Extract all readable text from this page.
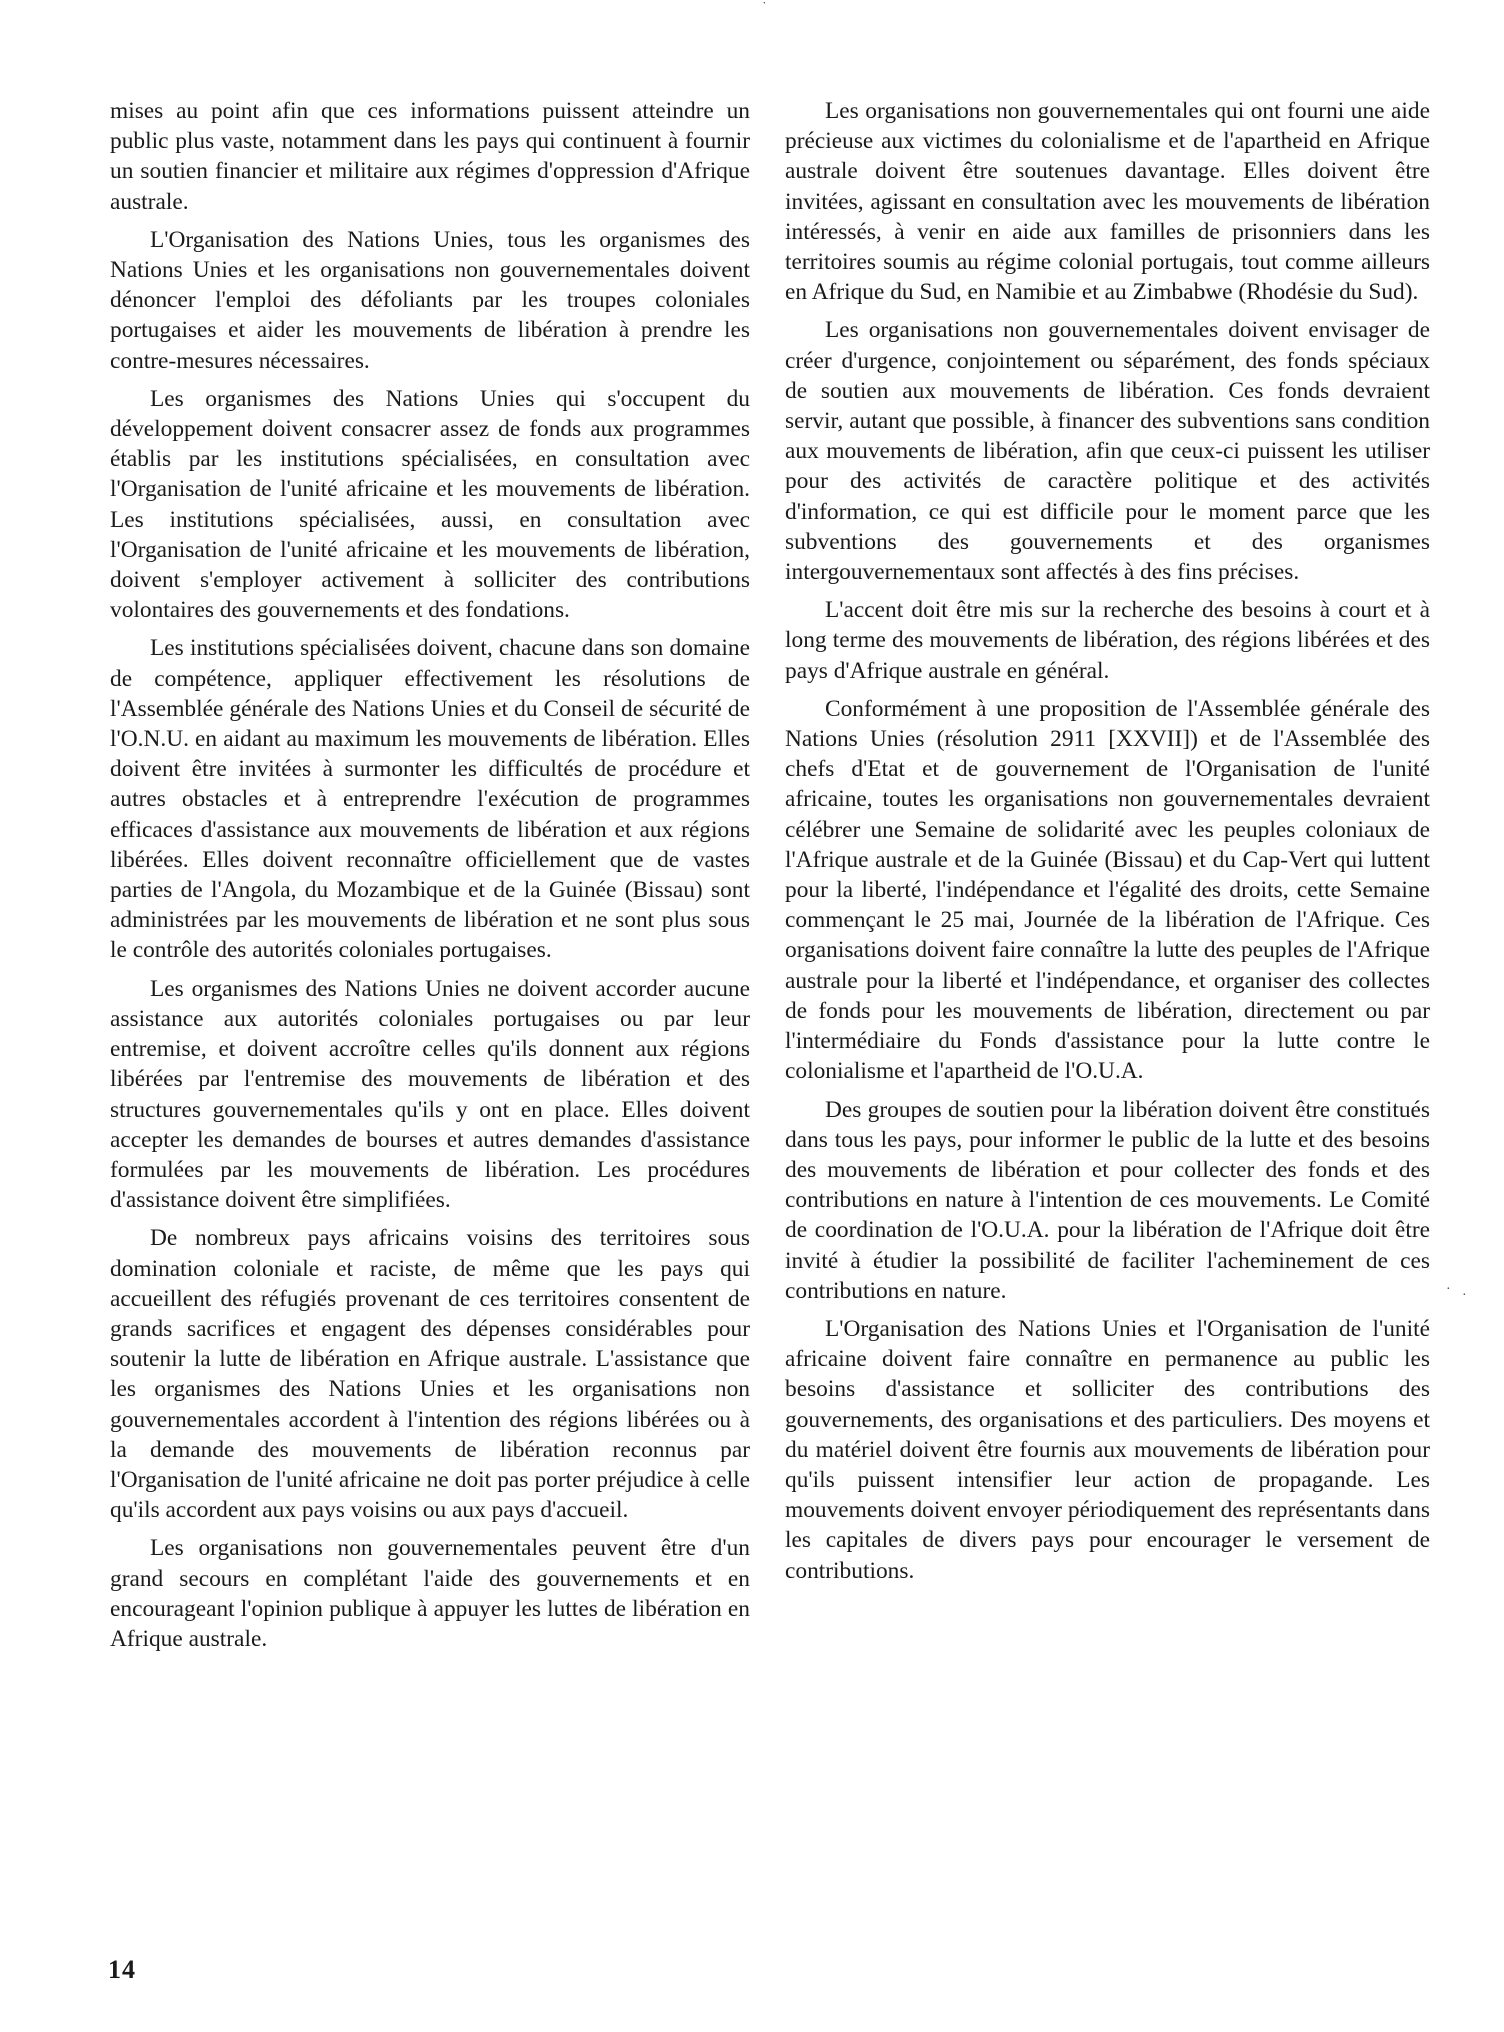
mises au point afin que ces informations puissent atteindre un public plus vaste, notamment dans les pays qui continuent à fournir un soutien financier et militaire aux régimes d'oppression d'Afrique australe.

L'Organisation des Nations Unies, tous les organismes des Nations Unies et les organisations non gouvernementales doivent dénoncer l'emploi des défoliants par les troupes coloniales portugaises et aider les mouvements de libération à prendre les contre-mesures nécessaires.

Les organismes des Nations Unies qui s'occupent du développement doivent consacrer assez de fonds aux programmes établis par les institutions spécialisées, en consultation avec l'Organisation de l'unité africaine et les mouvements de libération. Les institutions spécialisées, aussi, en consultation avec l'Organisation de l'unité africaine et les mouvements de libération, doivent s'employer activement à solliciter des contributions volontaires des gouvernements et des fondations.

Les institutions spécialisées doivent, chacune dans son domaine de compétence, appliquer effectivement les résolutions de l'Assemblée générale des Nations Unies et du Conseil de sécurité de l'O.N.U. en aidant au maximum les mouvements de libération. Elles doivent être invitées à surmonter les difficultés de procédure et autres obstacles et à entreprendre l'exécution de programmes efficaces d'assistance aux mouvements de libération et aux régions libérées. Elles doivent reconnaître officiellement que de vastes parties de l'Angola, du Mozambique et de la Guinée (Bissau) sont administrées par les mouvements de libération et ne sont plus sous le contrôle des autorités coloniales portugaises.

Les organismes des Nations Unies ne doivent accorder aucune assistance aux autorités coloniales portugaises ou par leur entremise, et doivent accroître celles qu'ils donnent aux régions libérées par l'entremise des mouvements de libération et des structures gouvernementales qu'ils y ont en place. Elles doivent accepter les demandes de bourses et autres demandes d'assistance formulées par les mouvements de libération. Les procédures d'assistance doivent être simplifiées.

De nombreux pays africains voisins des territoires sous domination coloniale et raciste, de même que les pays qui accueillent des réfugiés provenant de ces territoires consentent de grands sacrifices et engagent des dépenses considérables pour soutenir la lutte de libération en Afrique australe. L'assistance que les organismes des Nations Unies et les organisations non gouvernementales accordent à l'intention des régions libérées ou à la demande des mouvements de libération reconnus par l'Organisation de l'unité africaine ne doit pas porter préjudice à celle qu'ils accordent aux pays voisins ou aux pays d'accueil.

Les organisations non gouvernementales peuvent être d'un grand secours en complétant l'aide des gouvernements et en encourageant l'opinion publique à appuyer les luttes de libération en Afrique australe.

Les organisations non gouvernementales qui ont fourni une aide précieuse aux victimes du colonialisme et de l'apartheid en Afrique australe doivent être soutenues davantage. Elles doivent être invitées, agissant en consultation avec les mouvements de libération intéressés, à venir en aide aux familles de prisonniers dans les territoires soumis au régime colonial portugais, tout comme ailleurs en Afrique du Sud, en Namibie et au Zimbabwe (Rhodésie du Sud).

Les organisations non gouvernementales doivent envisager de créer d'urgence, conjointement ou séparément, des fonds spéciaux de soutien aux mouvements de libération. Ces fonds devraient servir, autant que possible, à financer des subventions sans condition aux mouvements de libération, afin que ceux-ci puissent les utiliser pour des activités de caractère politique et des activités d'information, ce qui est difficile pour le moment parce que les subventions des gouvernements et des organismes intergouvernementaux sont affectés à des fins précises.

L'accent doit être mis sur la recherche des besoins à court et à long terme des mouvements de libération, des régions libérées et des pays d'Afrique australe en général.

Conformément à une proposition de l'Assemblée générale des Nations Unies (résolution 2911 [XXVII]) et de l'Assemblée des chefs d'Etat et de gouvernement de l'Organisation de l'unité africaine, toutes les organisations non gouvernementales devraient célébrer une Semaine de solidarité avec les peuples coloniaux de l'Afrique australe et de la Guinée (Bissau) et du Cap-Vert qui luttent pour la liberté, l'indépendance et l'égalité des droits, cette Semaine commençant le 25 mai, Journée de la libération de l'Afrique. Ces organisations doivent faire connaître la lutte des peuples de l'Afrique australe pour la liberté et l'indépendance, et organiser des collectes de fonds pour les mouvements de libération, directement ou par l'intermédiaire du Fonds d'assistance pour la lutte contre le colonialisme et l'apartheid de l'O.U.A.

Des groupes de soutien pour la libération doivent être constitués dans tous les pays, pour informer le public de la lutte et des besoins des mouvements de libération et pour collecter des fonds et des contributions en nature à l'intention de ces mouvements. Le Comité de coordination de l'O.U.A. pour la libération de l'Afrique doit être invité à étudier la possibilité de faciliter l'acheminement de ces contributions en nature.

L'Organisation des Nations Unies et l'Organisation de l'unité africaine doivent faire connaître en permanence au public les besoins d'assistance et solliciter des contributions des gouvernements, des organisations et des particuliers. Des moyens et du matériel doivent être fournis aux mouvements de libération pour qu'ils puissent intensifier leur action de propagande. Les mouvements doivent envoyer périodiquement des représentants dans les capitales de divers pays pour encourager le versement de contributions.

14
˙
·
·
